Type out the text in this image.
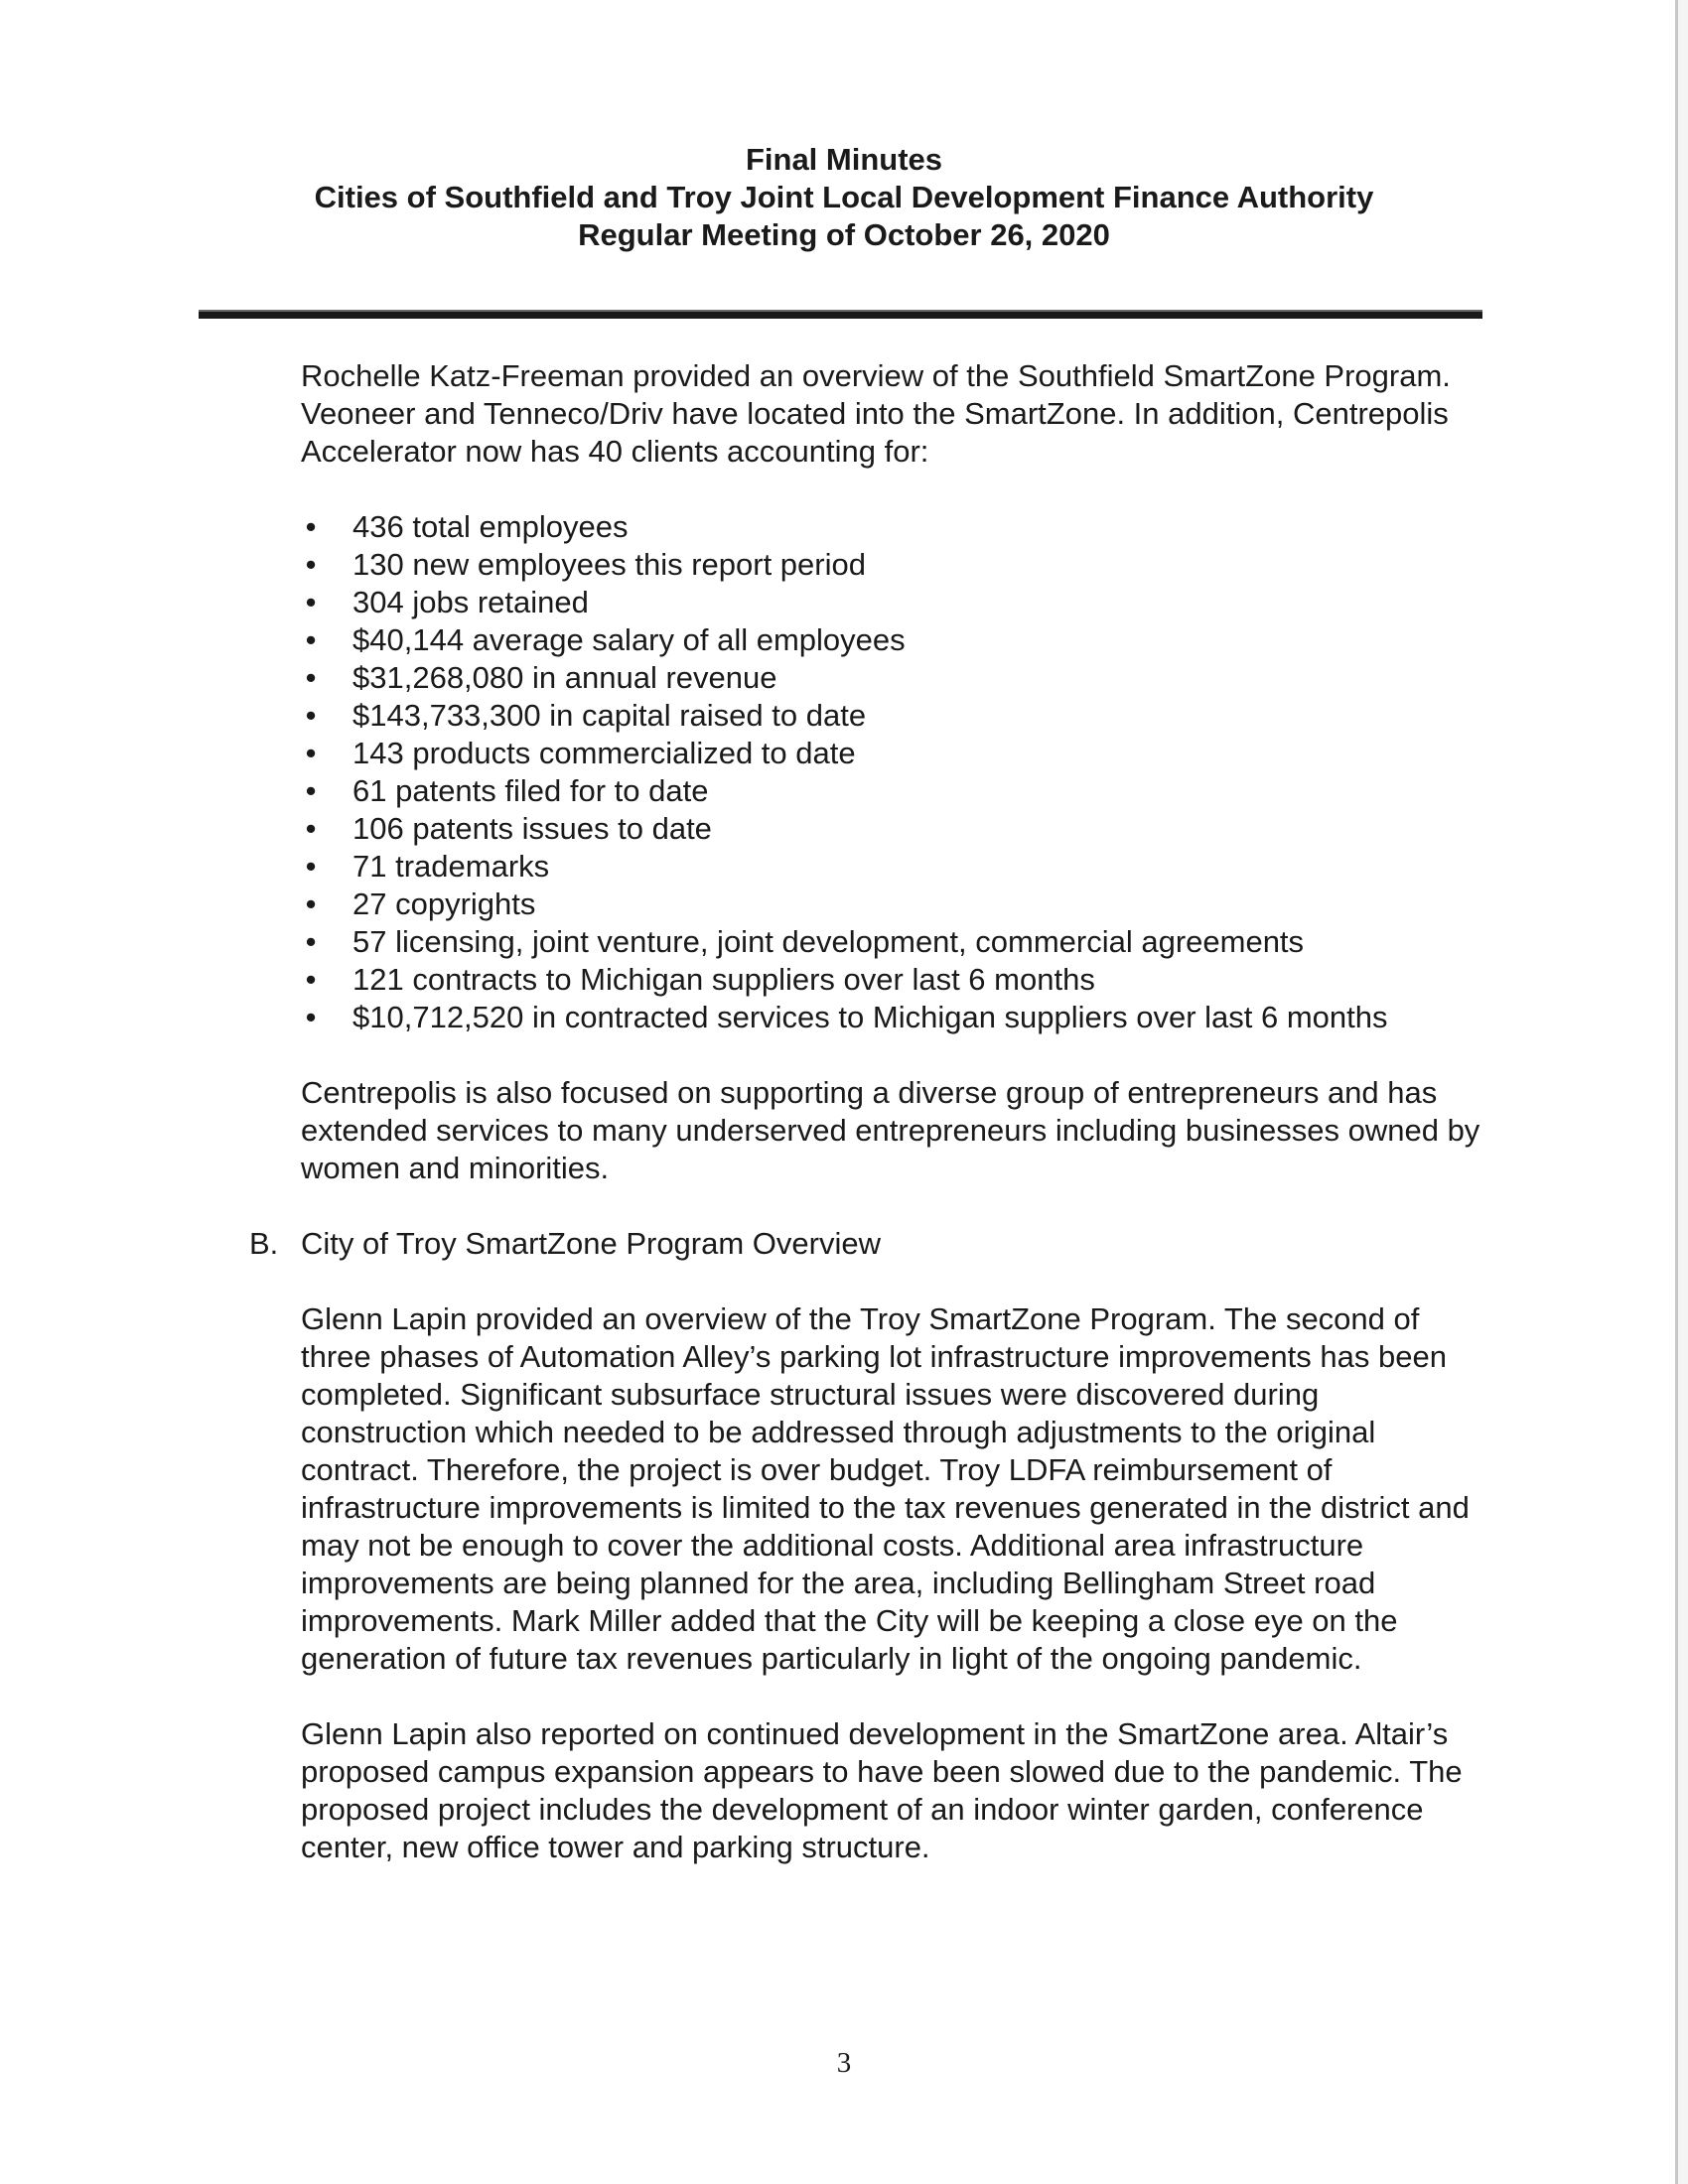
Final Minutes
Cities of Southfield and Troy Joint Local Development Finance Authority
Regular Meeting of October 26, 2020

Rochelle Katz-Freeman provided an overview of the Southfield SmartZone Program. Veoneer and Tenneco/Driv have located into the SmartZone. In addition, Centrepolis Accelerator now has 40 clients accounting for:

• 436 total employees
• 130 new employees this report period
• 304 jobs retained
• $40,144 average salary of all employees
• $31,268,080 in annual revenue
• $143,733,300 in capital raised to date
• 143 products commercialized to date
• 61 patents filed for to date
• 106 patents issues to date
• 71 trademarks
• 27 copyrights
• 57 licensing, joint venture, joint development, commercial agreements
• 121 contracts to Michigan suppliers over last 6 months
• $10,712,520 in contracted services to Michigan suppliers over last 6 months

Centrepolis is also focused on supporting a diverse group of entrepreneurs and has extended services to many underserved entrepreneurs including businesses owned by women and minorities.

B. City of Troy SmartZone Program Overview

Glenn Lapin provided an overview of the Troy SmartZone Program. The second of three phases of Automation Alley’s parking lot infrastructure improvements has been completed. Significant subsurface structural issues were discovered during construction which needed to be addressed through adjustments to the original contract. Therefore, the project is over budget. Troy LDFA reimbursement of infrastructure improvements is limited to the tax revenues generated in the district and may not be enough to cover the additional costs. Additional area infrastructure improvements are being planned for the area, including Bellingham Street road improvements. Mark Miller added that the City will be keeping a close eye on the generation of future tax revenues particularly in light of the ongoing pandemic.

Glenn Lapin also reported on continued development in the SmartZone area. Altair’s proposed campus expansion appears to have been slowed due to the pandemic. The proposed project includes the development of an indoor winter garden, conference center, new office tower and parking structure.

3
